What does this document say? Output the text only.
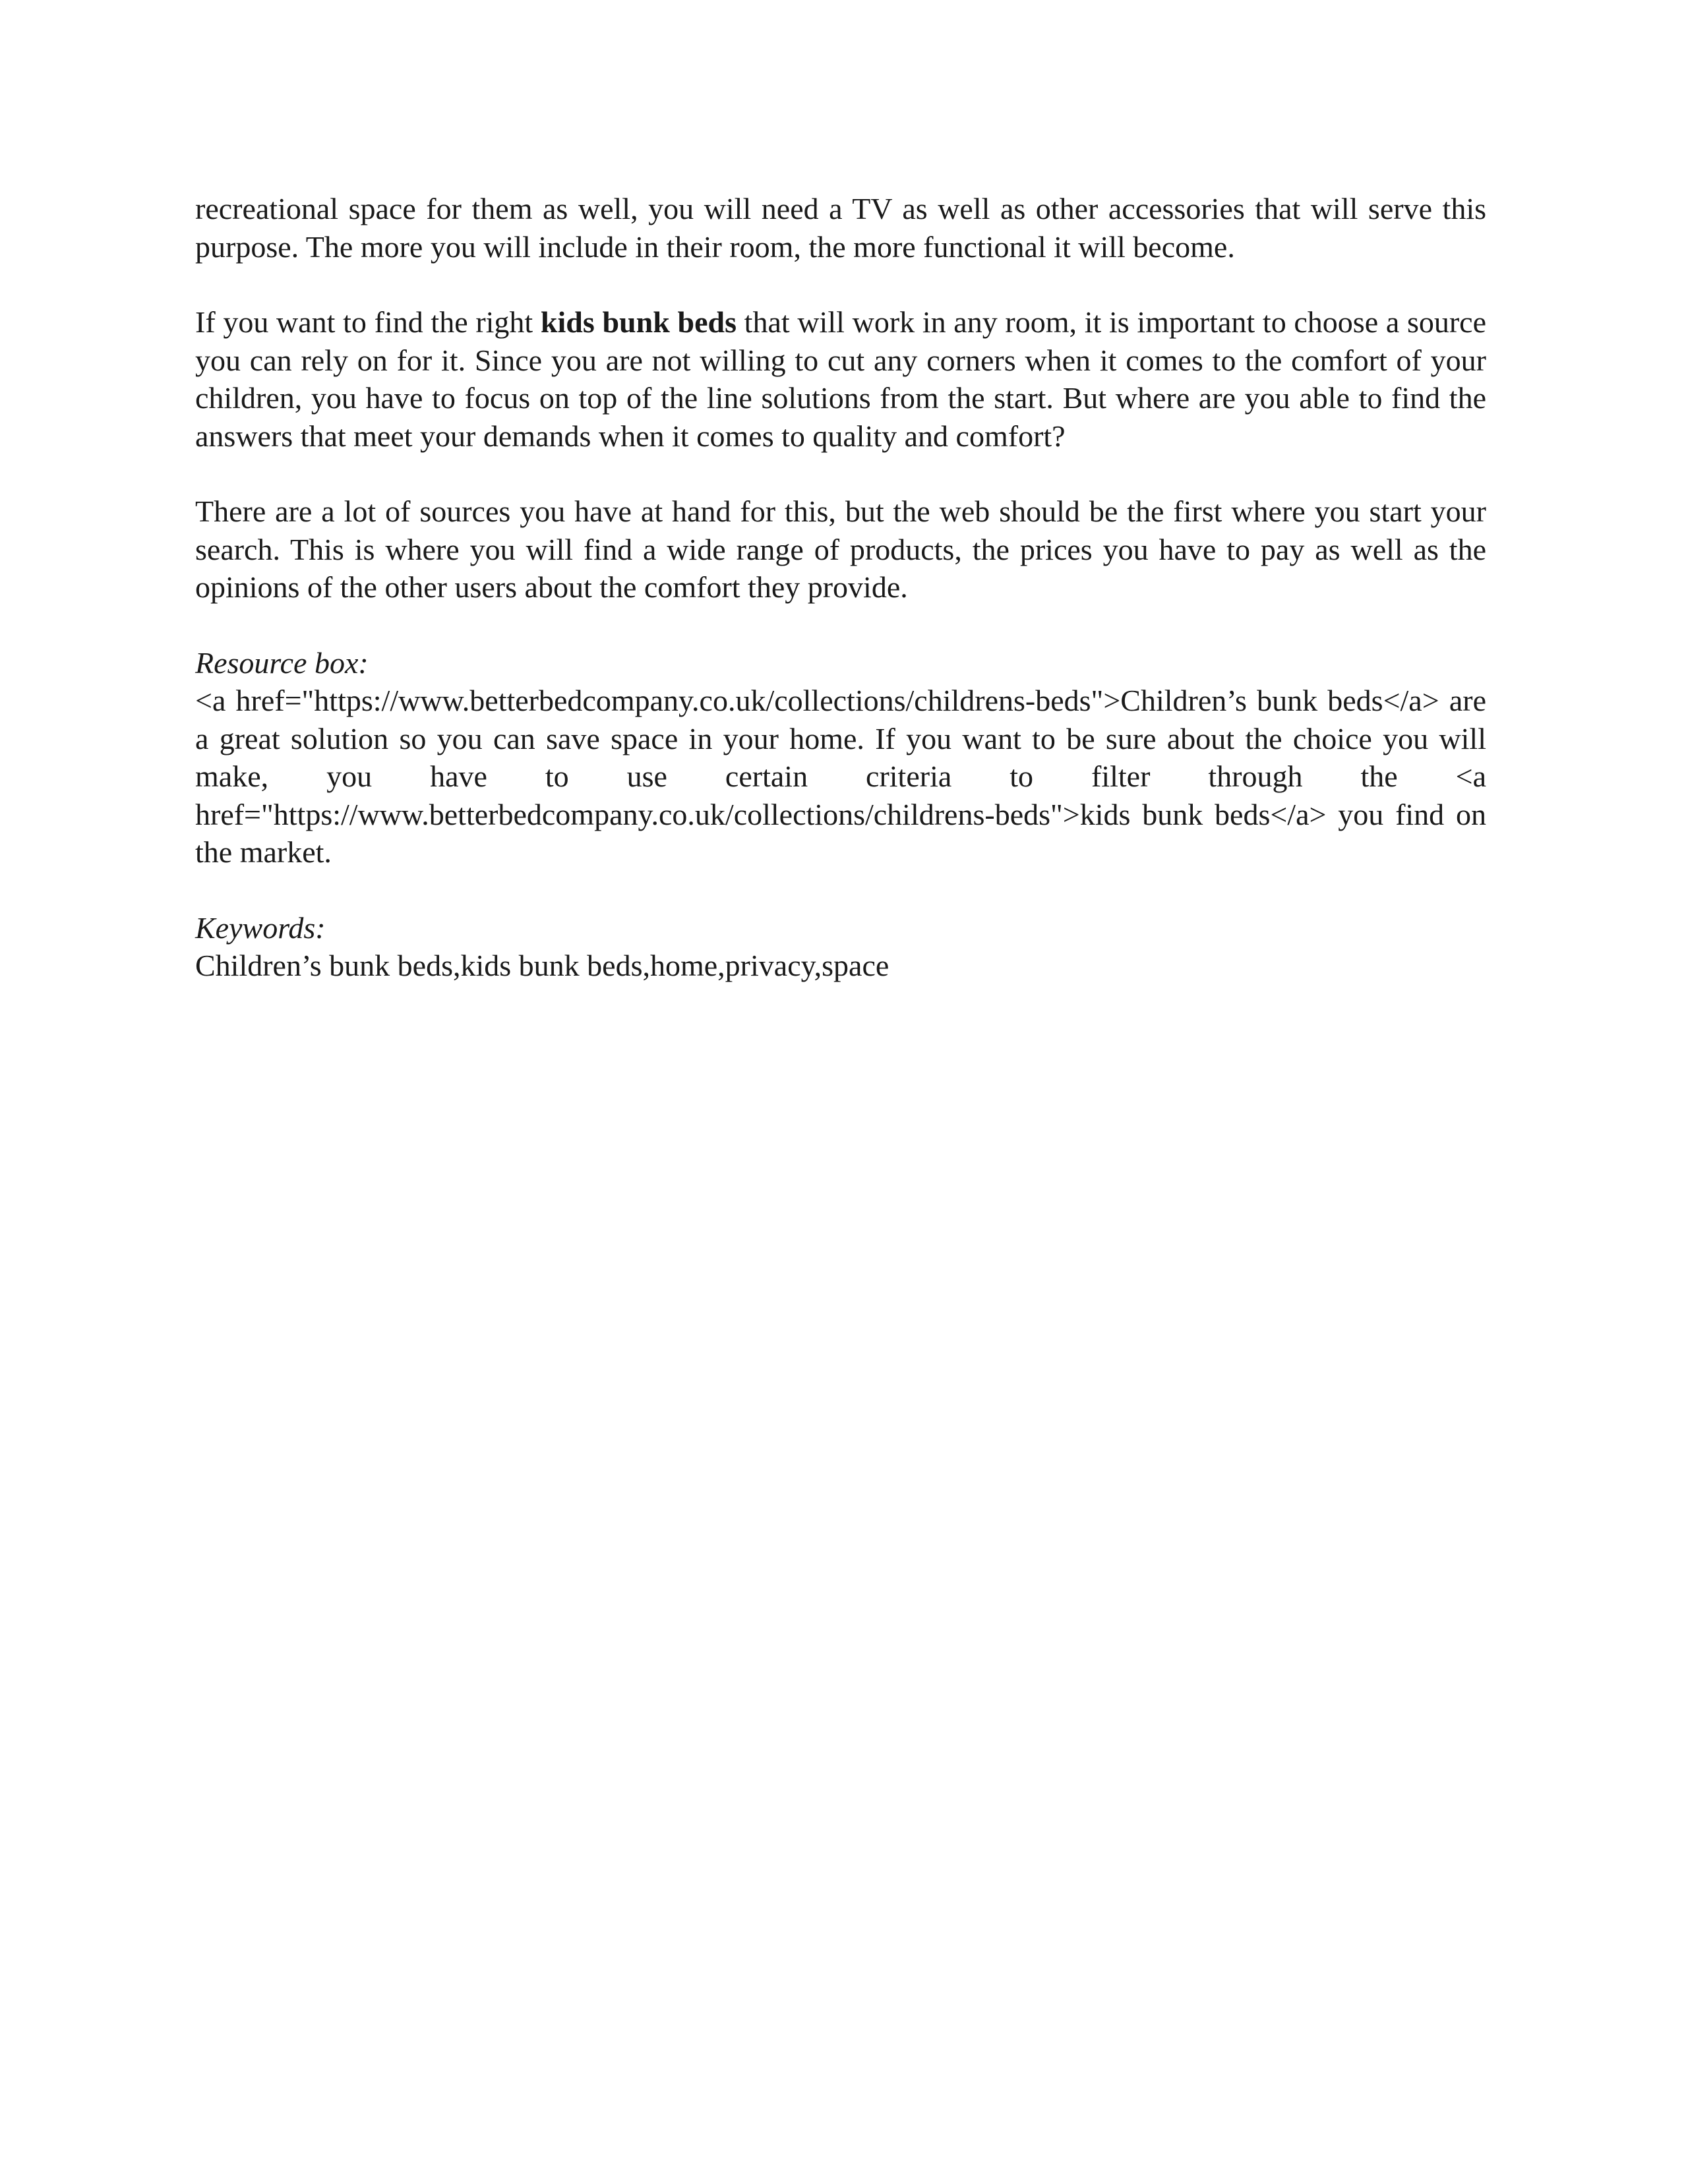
recreational space for them as well, you will need a TV as well as other accessories that will serve this purpose. The more you will include in their room, the more functional it will become.

If you want to find the right kids bunk beds that will work in any room, it is important to choose a source you can rely on for it. Since you are not willing to cut any corners when it comes to the comfort of your children, you have to focus on top of the line solutions from the start. But where are you able to find the answers that meet your demands when it comes to quality and comfort?

There are a lot of sources you have at hand for this, but the web should be the first where you start your search. This is where you will find a wide range of products, the prices you have to pay as well as the opinions of the other users about the comfort they provide.

Resource box:
<a href="https://www.betterbedcompany.co.uk/collections/childrens-beds">Children’s bunk beds</a> are a great solution so you can save space in your home. If you want to be sure about the choice you will make, you have to use certain criteria to filter through the <a href="https://www.betterbedcompany.co.uk/collections/childrens-beds">kids bunk beds</a> you find on the market.
Keywords:
Children’s bunk beds,kids bunk beds,home,privacy,space
